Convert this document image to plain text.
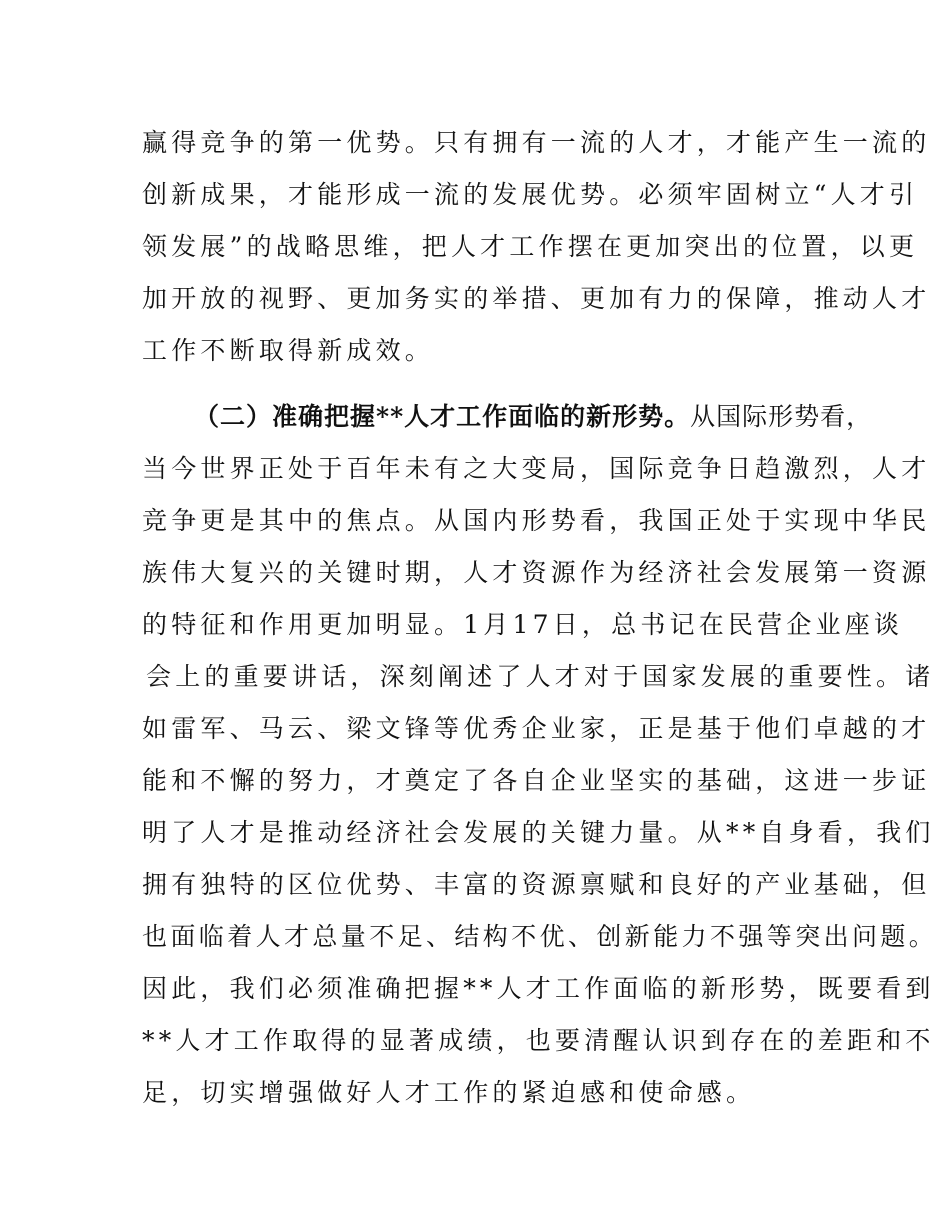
赢得竞争的第一优势。只有拥有一流的人才，才能产生一流的
创新成果，才能形成一流的发展优势。必须牢固树立“人才引
领发展”的战略思维，把人才工作摆在更加突出的位置，以更
加开放的视野、更加务实的举措、更加有力的保障，推动人才
工作不断取得新成效。
（二）准确把握**人才工作面临的新形势。从国际形势看，
当今世界正处于百年未有之大变局，国际竞争日趋激烈，人才
竞争更是其中的焦点。从国内形势看，我国正处于实现中华民
族伟大复兴的关键时期，人才资源作为经济社会发展第一资源
的特征和作用更加明显。1月17日，总书记在民营企业座谈
会上的重要讲话，深刻阐述了人才对于国家发展的重要性。诸
如雷军、马云、梁文锋等优秀企业家，正是基于他们卓越的才
能和不懈的努力，才奠定了各自企业坚实的基础，这进一步证
明了人才是推动经济社会发展的关键力量。从**自身看，我们
拥有独特的区位优势、丰富的资源禀赋和良好的产业基础，但
也面临着人才总量不足、结构不优、创新能力不强等突出问题。
因此，我们必须准确把握**人才工作面临的新形势，既要看到
**人才工作取得的显著成绩，也要清醒认识到存在的差距和不
足，切实增强做好人才工作的紧迫感和使命感。
